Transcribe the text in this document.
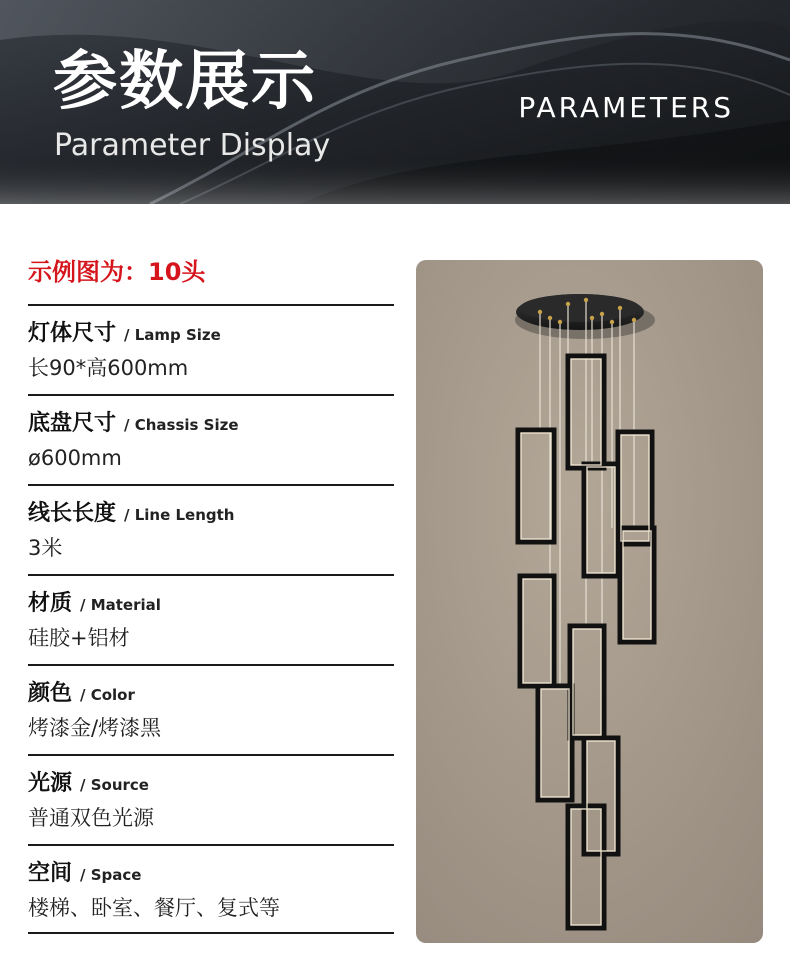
参数展示
Parameter Display
PARAMETERS
示例图为：10头
灯体尺寸 / Lamp Size
长90*高600mm
底盘尺寸 / Chassis Size
ø600mm
线长长度 / Line Length
3米
材质 / Material
硅胶+铝材
颜色 / Color
烤漆金/烤漆黑
光源 / Source
普通双色光源
空间 / Space
楼梯、卧室、餐厅、复式等
